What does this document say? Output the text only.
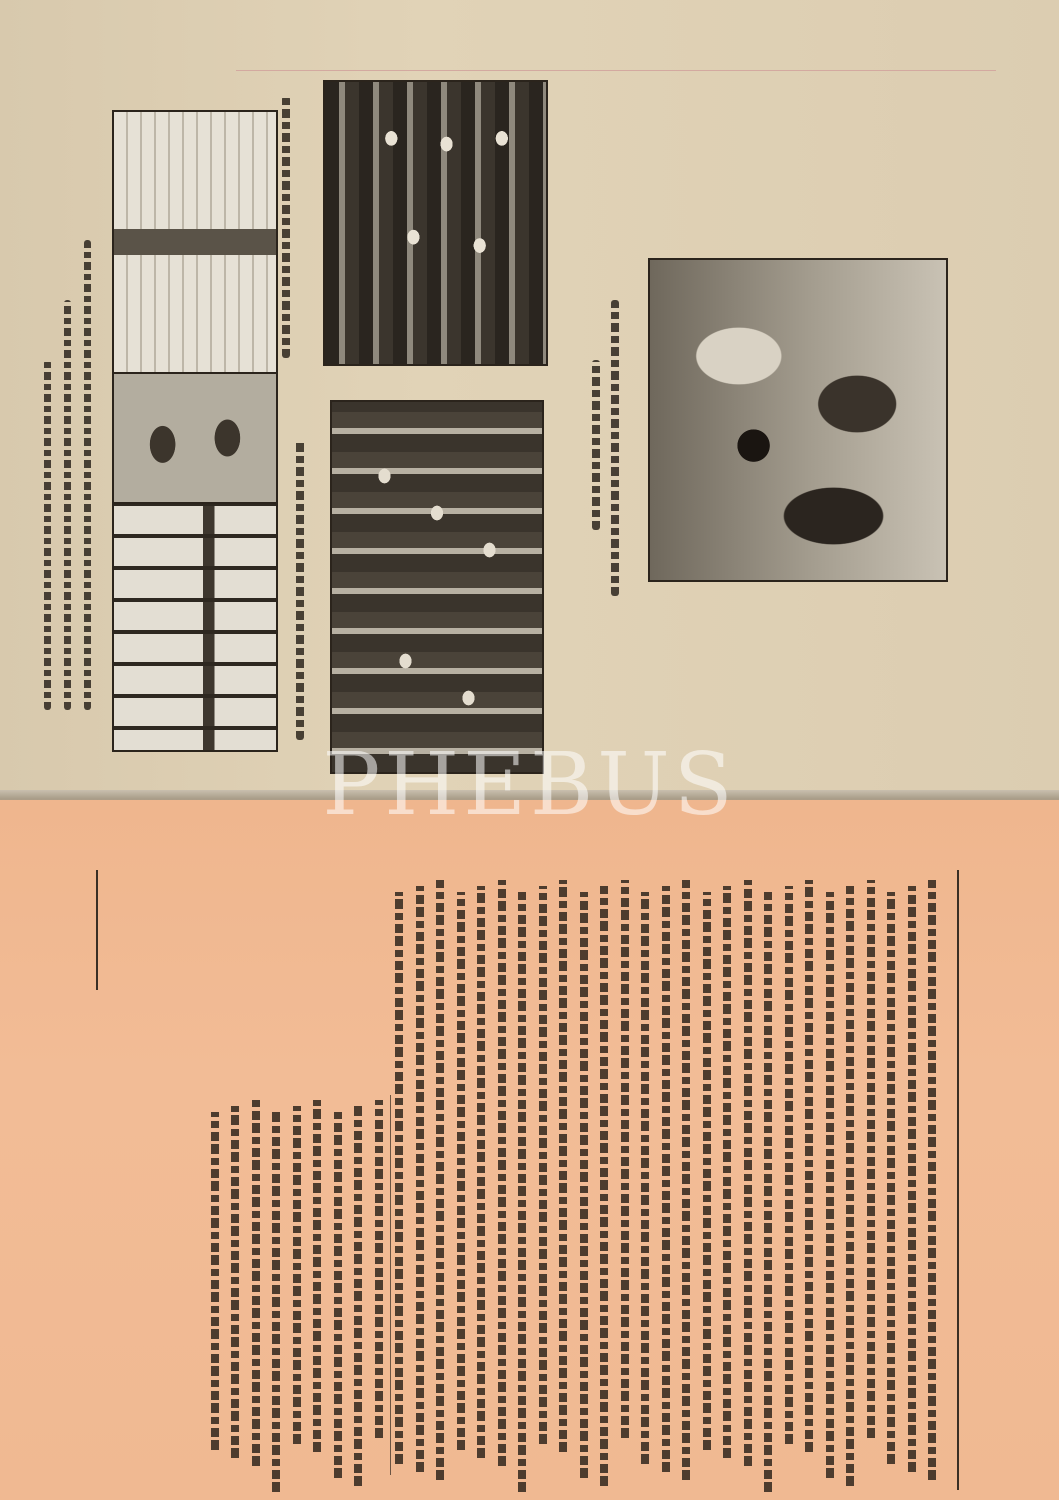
PHEBUS
